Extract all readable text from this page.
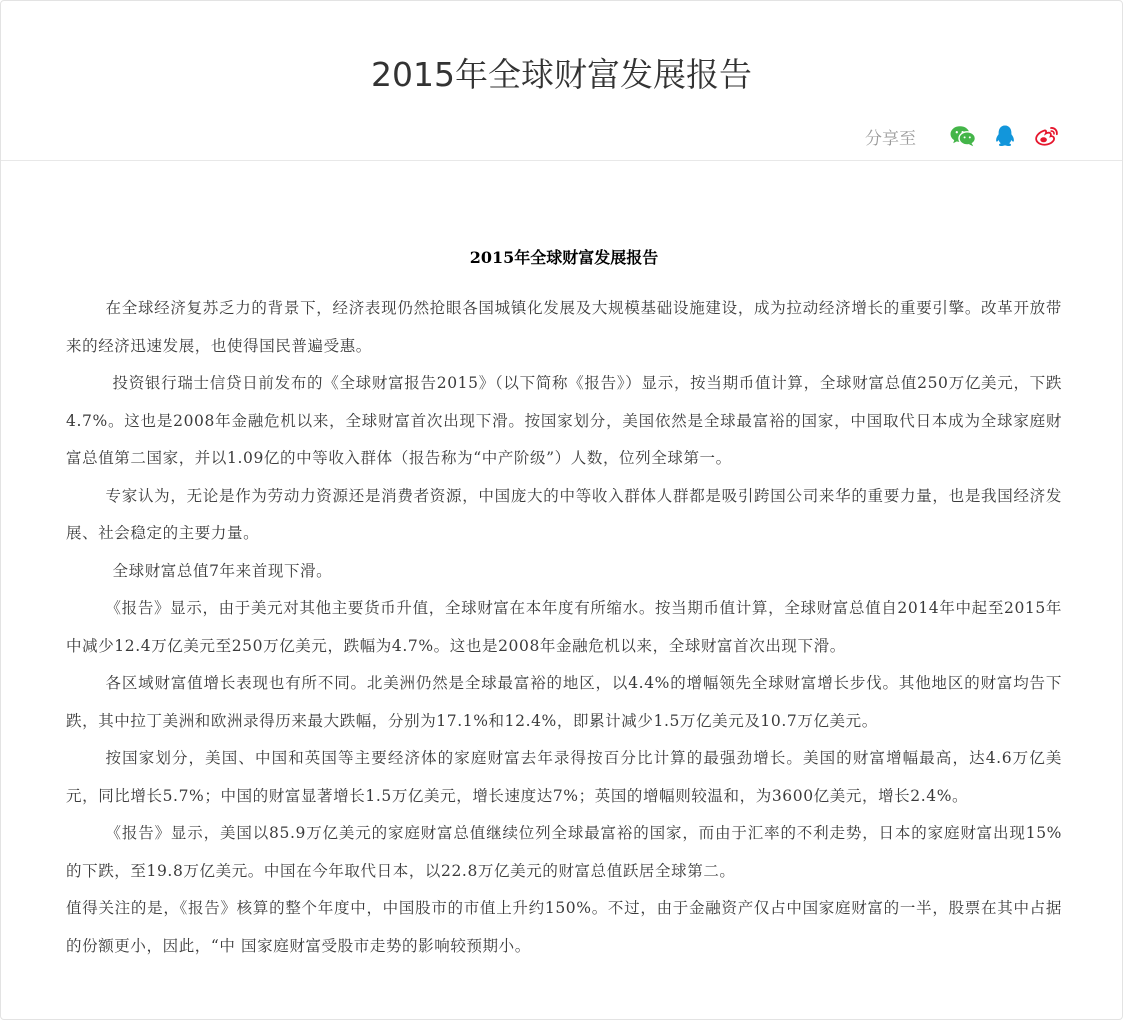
2015年全球财富发展报告
分享至
2015年全球财富发展报告

在全球经济复苏乏力的背景下，经济表现仍然抢眼各国城镇化发展及大规模基础设施建设，成为拉动经济增长的重要引擎。改革开放带来的经济迅速发展，也使得国民普遍受惠。

投资银行瑞士信贷日前发布的《全球财富报告2015》（以下简称《报告》）显示，按当期币值计算，全球财富总值250万亿美元，下跌4.7%。这也是2008年金融危机以来，全球财富首次出现下滑。按国家划分，美国依然是全球最富裕的国家，中国取代日本成为全球家庭财富总值第二国家，并以1.09亿的中等收入群体（报告称为“中产阶级”）人数，位列全球第一。

专家认为，无论是作为劳动力资源还是消费者资源，中国庞大的中等收入群体人群都是吸引跨国公司来华的重要力量，也是我国经济发展、社会稳定的主要力量。

全球财富总值7年来首现下滑。

《报告》显示，由于美元对其他主要货币升值，全球财富在本年度有所缩水。按当期币值计算，全球财富总值自2014年中起至2015年中减少12.4万亿美元至250万亿美元，跌幅为4.7%。这也是2008年金融危机以来，全球财富首次出现下滑。

各区域财富值增长表现也有所不同。北美洲仍然是全球最富裕的地区，以4.4%的增幅领先全球财富增长步伐。其他地区的财富均告下跌，其中拉丁美洲和欧洲录得历来最大跌幅，分别为17.1%和12.4%，即累计减少1.5万亿美元及10.7万亿美元。

按国家划分，美国、中国和英国等主要经济体的家庭财富去年录得按百分比计算的最强劲增长。美国的财富增幅最高，达4.6万亿美元，同比增长5.7%；中国的财富显著增长1.5万亿美元，增长速度达7%；英国的增幅则较温和，为3600亿美元，增长2.4%。

《报告》显示，美国以85.9万亿美元的家庭财富总值继续位列全球最富裕的国家，而由于汇率的不利走势，日本的家庭财富出现15%的下跌，至19.8万亿美元。中国在今年取代日本，以22.8万亿美元的财富总值跃居全球第二。

值得关注的是，《报告》核算的整个年度中，中国股市的市值上升约150%。不过，由于金融资产仅占中国家庭财富的一半，股票在其中占据的份额更小，因此，“中 国家庭财富受股市走势的影响较预期小。
